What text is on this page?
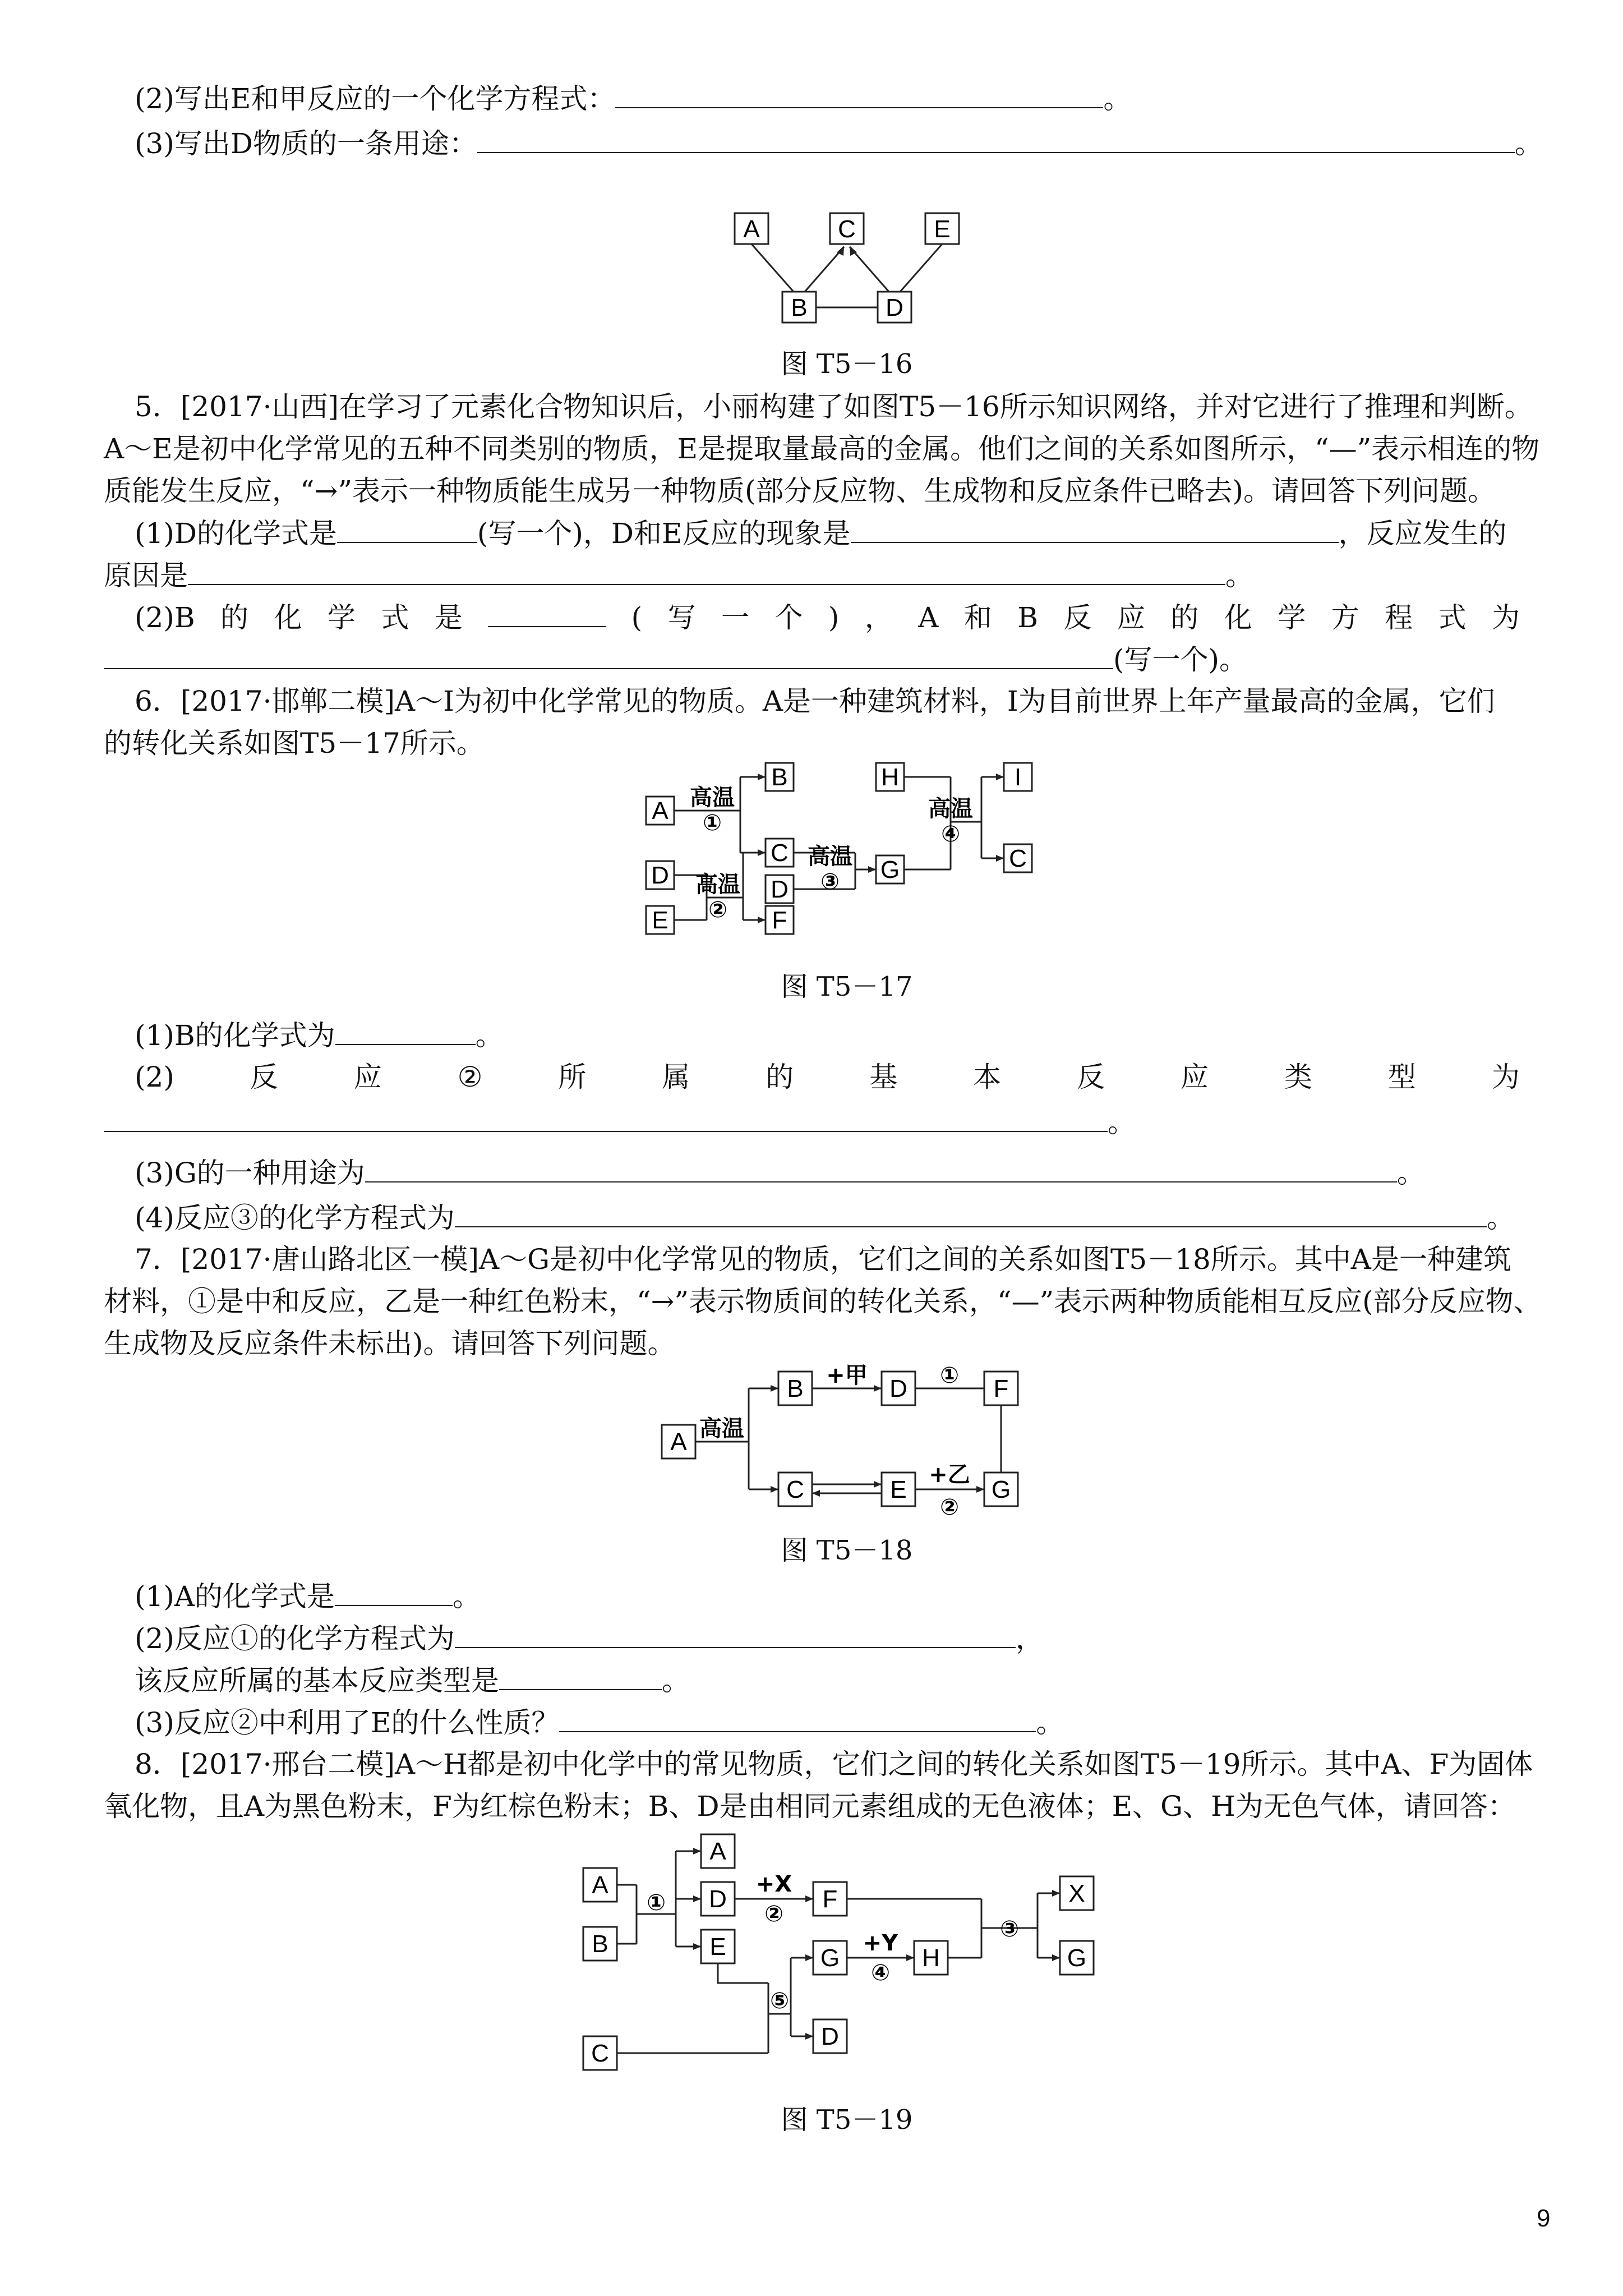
(2)写出E和甲反应的一个化学方程式：	。
(3)写出D物质的一条用途：	。
A	C	E
B	D
图 T5－16
5．[2017·山西]在学习了元素化合物知识后，小丽构建了如图T5－16所示知识网络，并对它进行了推理和判断。
A～E是初中化学常见的五种不同类别的物质，E是提取量最高的金属。他们之间的关系如图所示，“—”表示相连的物
质能发生反应，“→”表示一种物质能生成另一种物质(部分反应物、生成物和反应条件已略去)。请回答下列问题。
(1)D的化学式是	(写一个)，D和E反应的现象是	，反应发生的
原因是	。
(2)B 的 化 学 式 是	( 写 一 个 ) ， A 和 B 反 应 的 化 学 方 程 式 为
(写一个)。
6．[2017·邯郸二模]A～I为初中化学常见的物质。A是一种建筑材料，I为目前世界上年产量最高的金属，它们
的转化关系如图T5－17所示。
A
B
C
D
D
E	F
G
H	I
C
高温
①
高温
②
高温
③
高温
④
图 T5－17
(1)B的化学式为	。
(2)	反	应	②	所	属	的	基	本	反	应	类	型	为
。
(3)G的一种用途为	。
(4)反应③的化学方程式为	。
7．[2017·唐山路北区一模]A～G是初中化学常见的物质，它们之间的关系如图T5－18所示。其中A是一种建筑
材料，①是中和反应，乙是一种红色粉末，“→”表示物质间的转化关系，“—”表示两种物质能相互反应(部分反应物、
生成物及反应条件未标出)。请回答下列问题。
A
B	D	F
C	E	G
高温
+甲	①
+乙
②
图 T5－18
(1)A的化学式是	。
(2)反应①的化学方程式为	，
该反应所属的基本反应类型是	。
(3)反应②中利用了E的什么性质？	。
8．[2017·邢台二模]A～H都是初中化学中的常见物质，它们之间的转化关系如图T5－19所示。其中A、F为固体
氧化物，且A为黑色粉末，F为红棕色粉末；B、D是由相同元素组成的无色液体；E、G、H为无色气体，请回答：
A
B
A
D
E
F
G	H
X
G
C
D
①
+X
②
+Y
④
③
⑤
图 T5－19
9
